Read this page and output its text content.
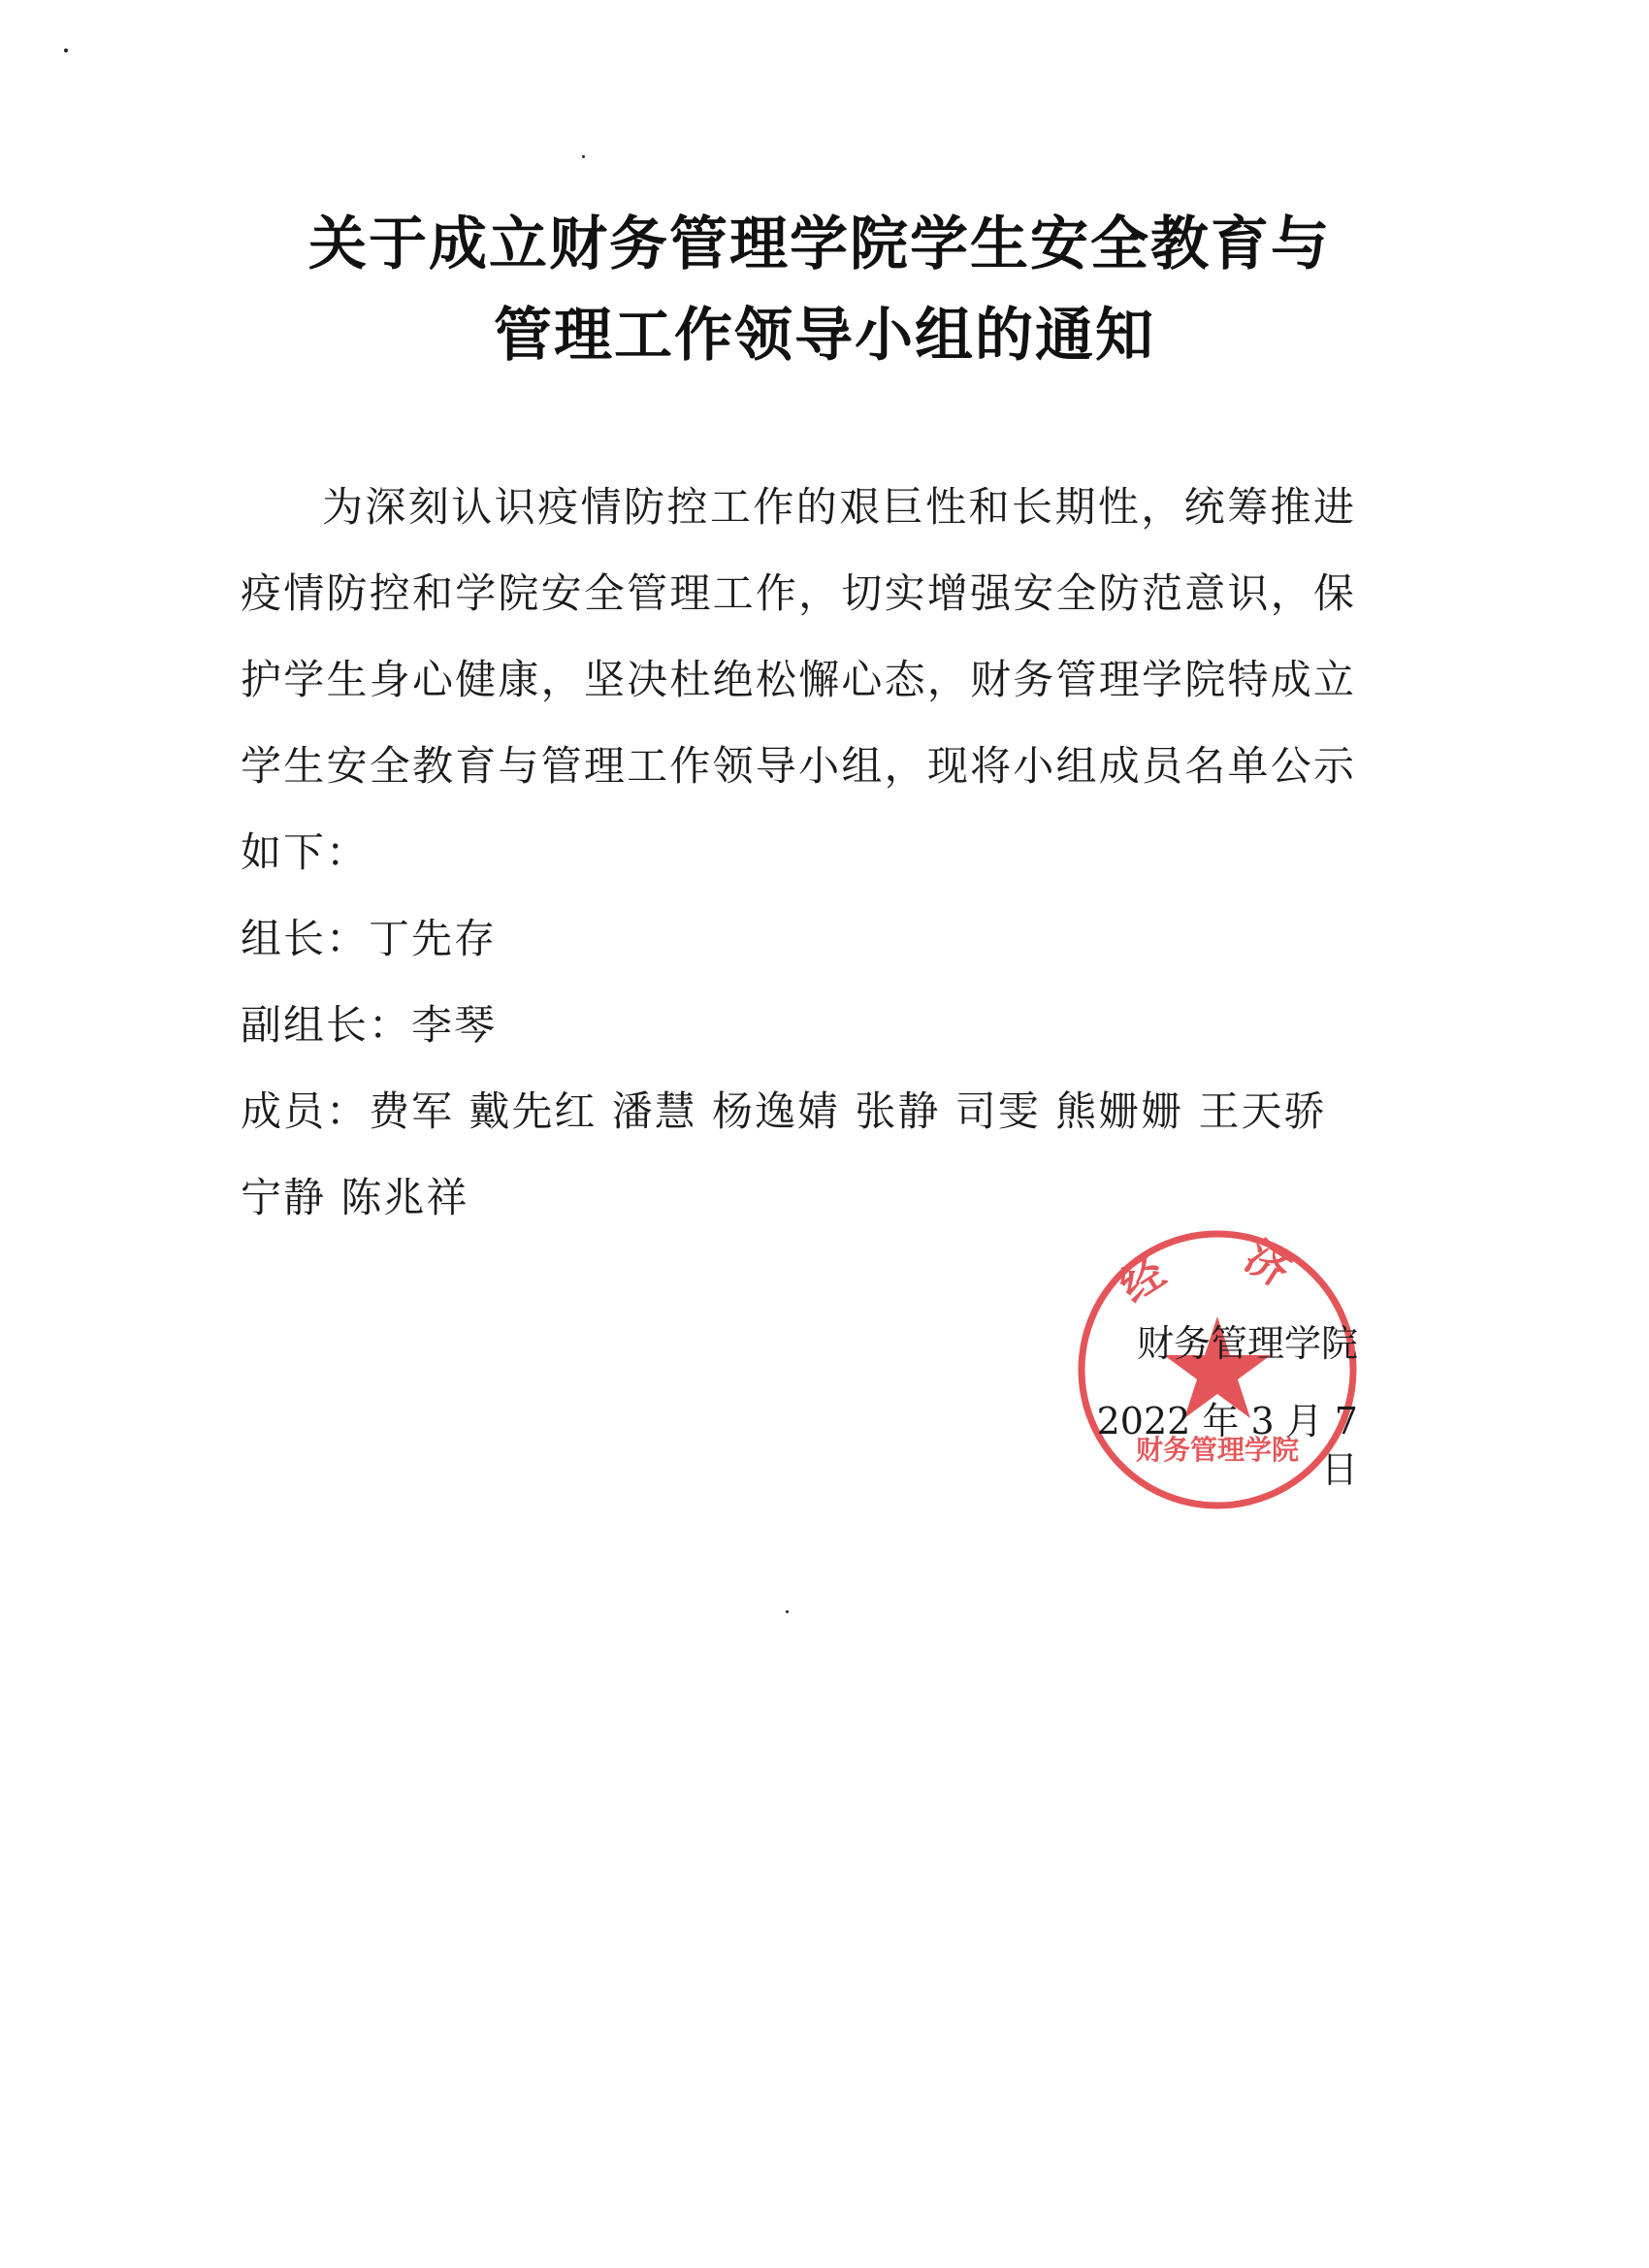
关于成立财务管理学院学生安全教育与
管理工作领导小组的通知

为深刻认识疫情防控工作的艰巨性和长期性，统筹推进疫情防控和学院安全管理工作，切实增强安全防范意识，保护学生身心健康，坚决杜绝松懈心态，财务管理学院特成立学生安全教育与管理工作领导小组，现将小组成员名单公示如下：

组长：丁先存

副组长：李琴

成员：费军 戴先红 潘慧 杨逸婧 张静 司雯 熊姗姗 王天骄 宁静 陈兆祥

经 济
财务管理学院
财务管理学院
2022 年 3 月 7 日
